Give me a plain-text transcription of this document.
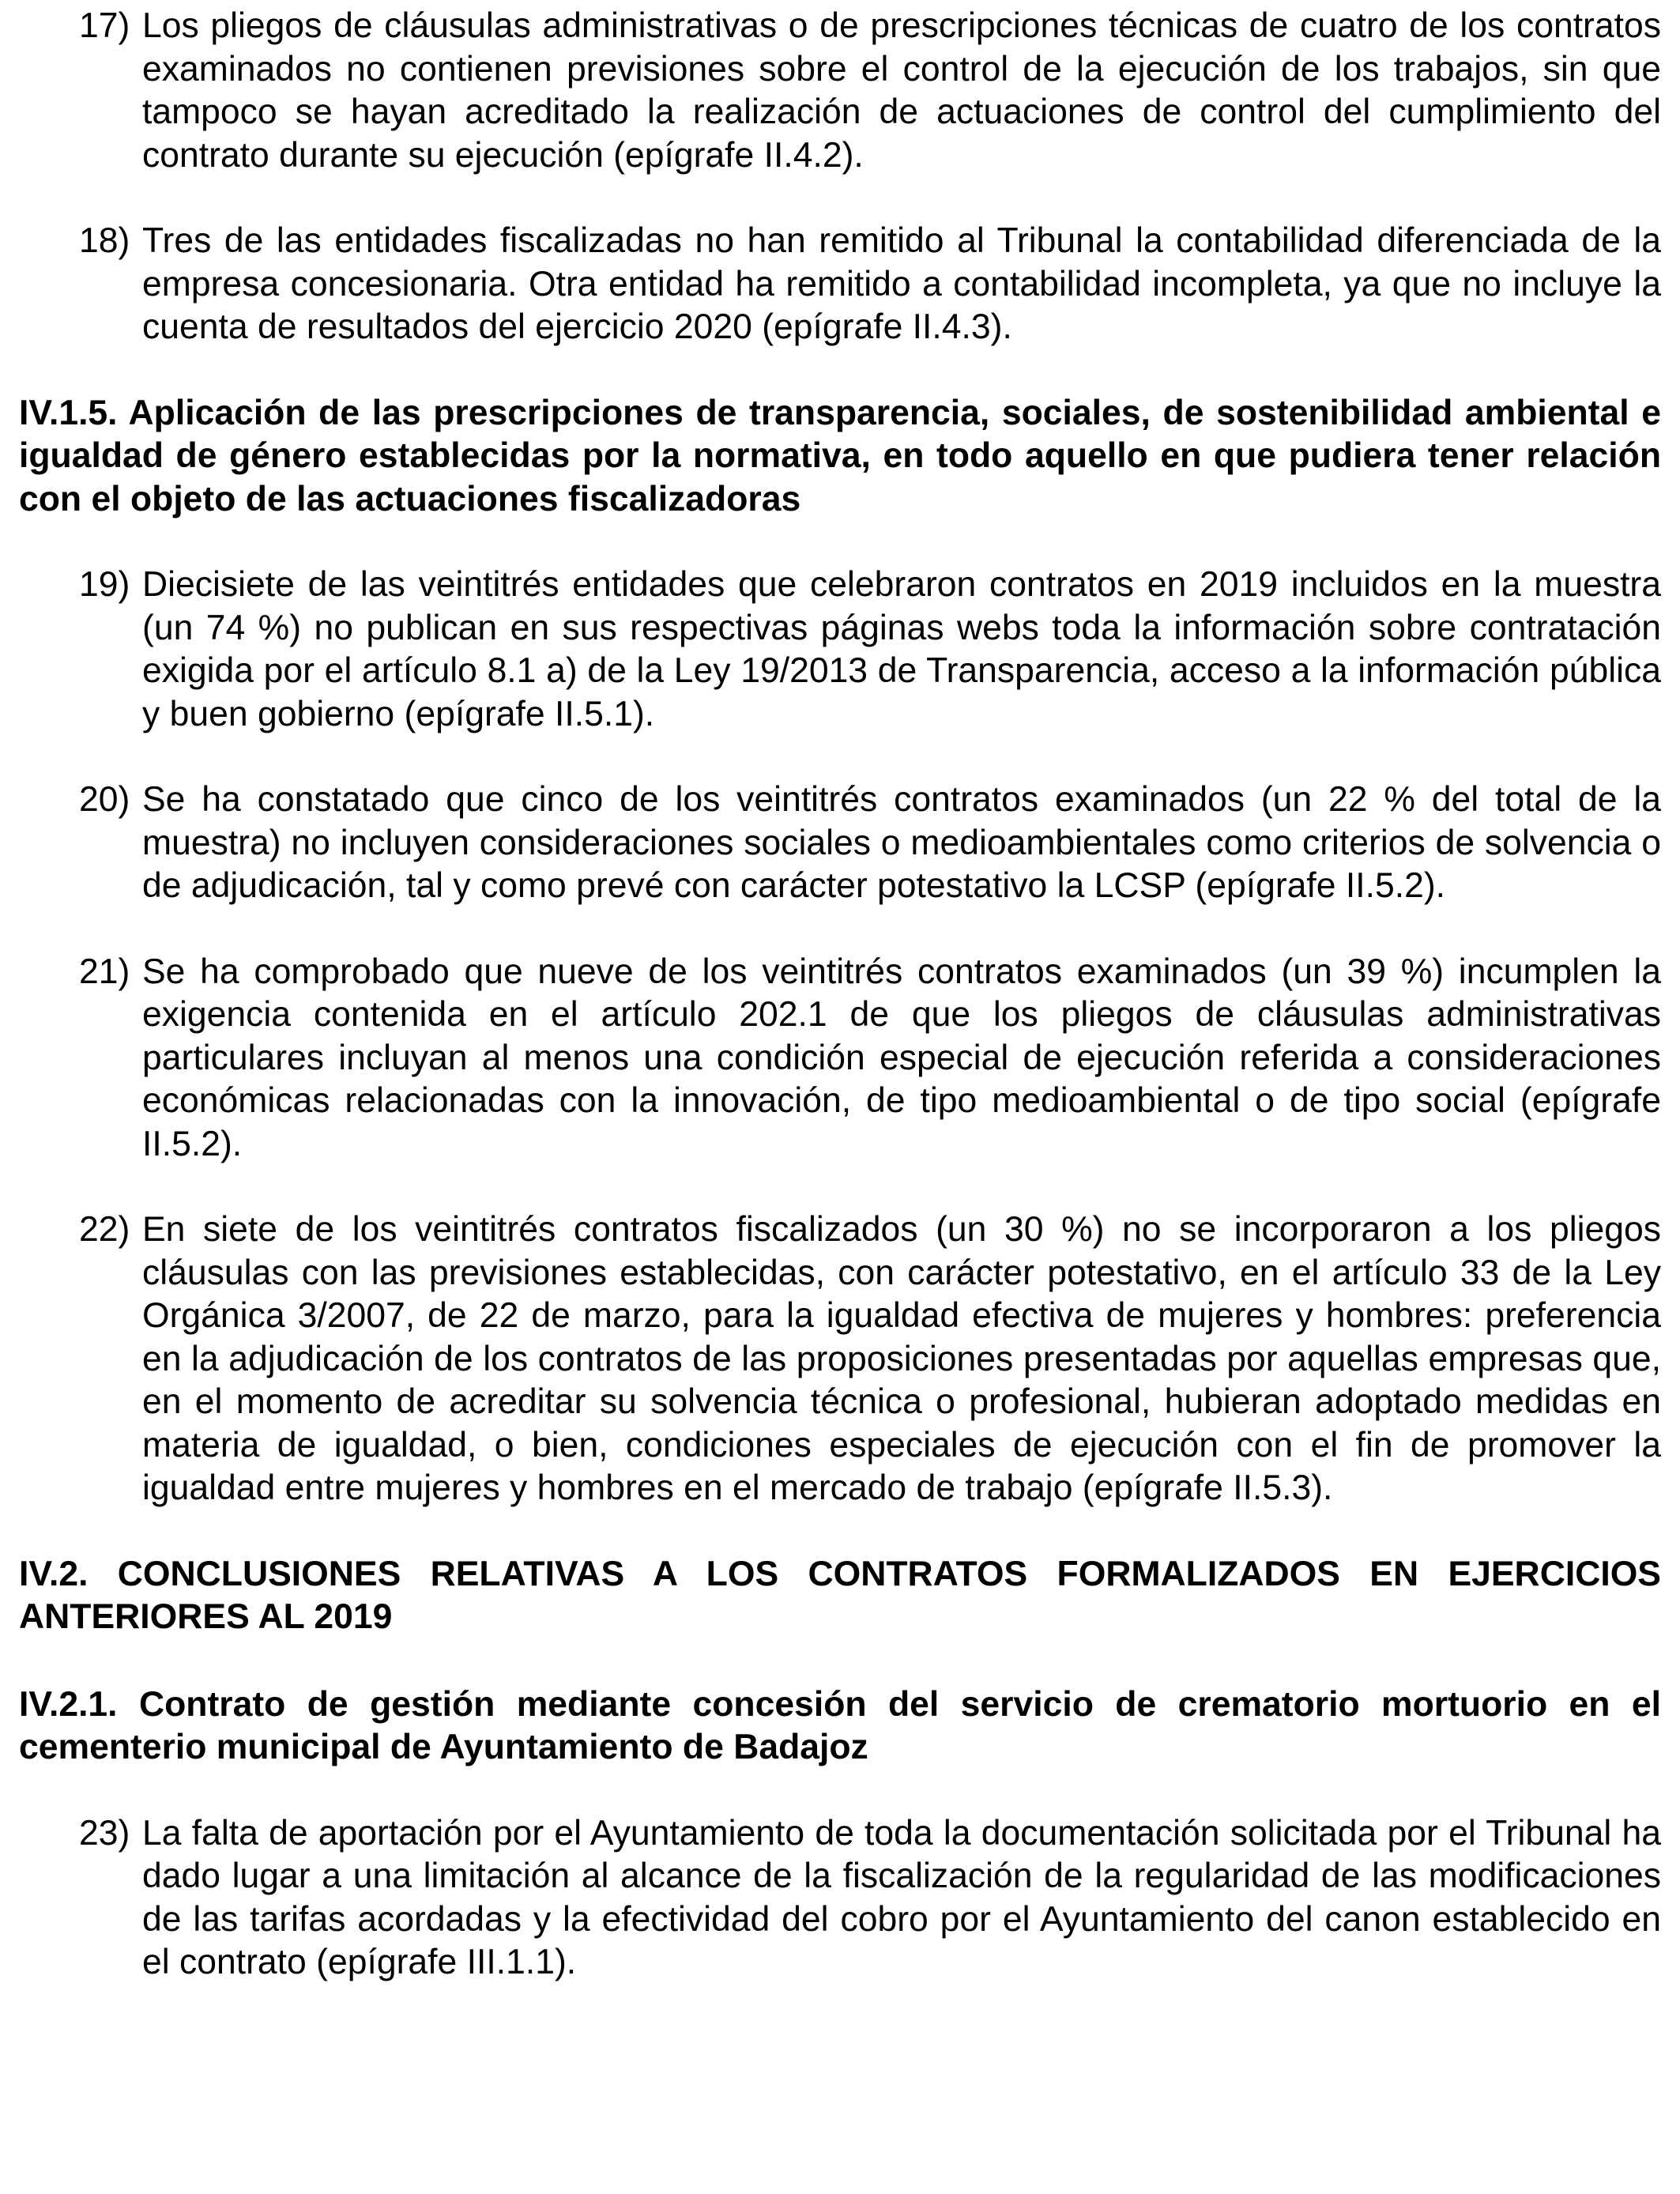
17) Los pliegos de cláusulas administrativas o de prescripciones técnicas de cuatro de los contratos examinados no contienen previsiones sobre el control de la ejecución de los trabajos, sin que tampoco se hayan acreditado la realización de actuaciones de control del cumplimiento del contrato durante su ejecución (epígrafe II.4.2).
18) Tres de las entidades fiscalizadas no han remitido al Tribunal la contabilidad diferenciada de la empresa concesionaria. Otra entidad ha remitido a contabilidad incompleta, ya que no incluye la cuenta de resultados del ejercicio 2020 (epígrafe II.4.3).
IV.1.5. Aplicación de las prescripciones de transparencia, sociales, de sostenibilidad ambiental e igualdad de género establecidas por la normativa, en todo aquello en que pudiera tener relación con el objeto de las actuaciones fiscalizadoras
19) Diecisiete de las veintitrés entidades que celebraron contratos en 2019 incluidos en la muestra (un 74 %) no publican en sus respectivas páginas webs toda la información sobre contratación exigida por el artículo 8.1 a) de la Ley 19/2013 de Transparencia, acceso a la información pública y buen gobierno (epígrafe II.5.1).
20) Se ha constatado que cinco de los veintitrés contratos examinados (un 22 % del total de la muestra) no incluyen consideraciones sociales o medioambientales como criterios de solvencia o de adjudicación, tal y como prevé con carácter potestativo la LCSP (epígrafe II.5.2).
21) Se ha comprobado que nueve de los veintitrés contratos examinados (un 39 %) incumplen la exigencia contenida en el artículo 202.1 de que los pliegos de cláusulas administrativas particulares incluyan al menos una condición especial de ejecución referida a consideraciones económicas relacionadas con la innovación, de tipo medioambiental o de tipo social (epígrafe II.5.2).
22) En siete de los veintitrés contratos fiscalizados (un 30 %) no se incorporaron a los pliegos cláusulas con las previsiones establecidas, con carácter potestativo, en el artículo 33 de la Ley Orgánica 3/2007, de 22 de marzo, para la igualdad efectiva de mujeres y hombres: preferencia en la adjudicación de los contratos de las proposiciones presentadas por aquellas empresas que, en el momento de acreditar su solvencia técnica o profesional, hubieran adoptado medidas en materia de igualdad, o bien, condiciones especiales de ejecución con el fin de promover la igualdad entre mujeres y hombres en el mercado de trabajo (epígrafe II.5.3).
IV.2. CONCLUSIONES RELATIVAS A LOS CONTRATOS FORMALIZADOS EN EJERCICIOS ANTERIORES AL 2019
IV.2.1. Contrato de gestión mediante concesión del servicio de crematorio mortuorio en el cementerio municipal de Ayuntamiento de Badajoz
23) La falta de aportación por el Ayuntamiento de toda la documentación solicitada por el Tribunal ha dado lugar a una limitación al alcance de la fiscalización de la regularidad de las modificaciones de las tarifas acordadas y la efectividad del cobro por el Ayuntamiento del canon establecido en el contrato (epígrafe III.1.1).
